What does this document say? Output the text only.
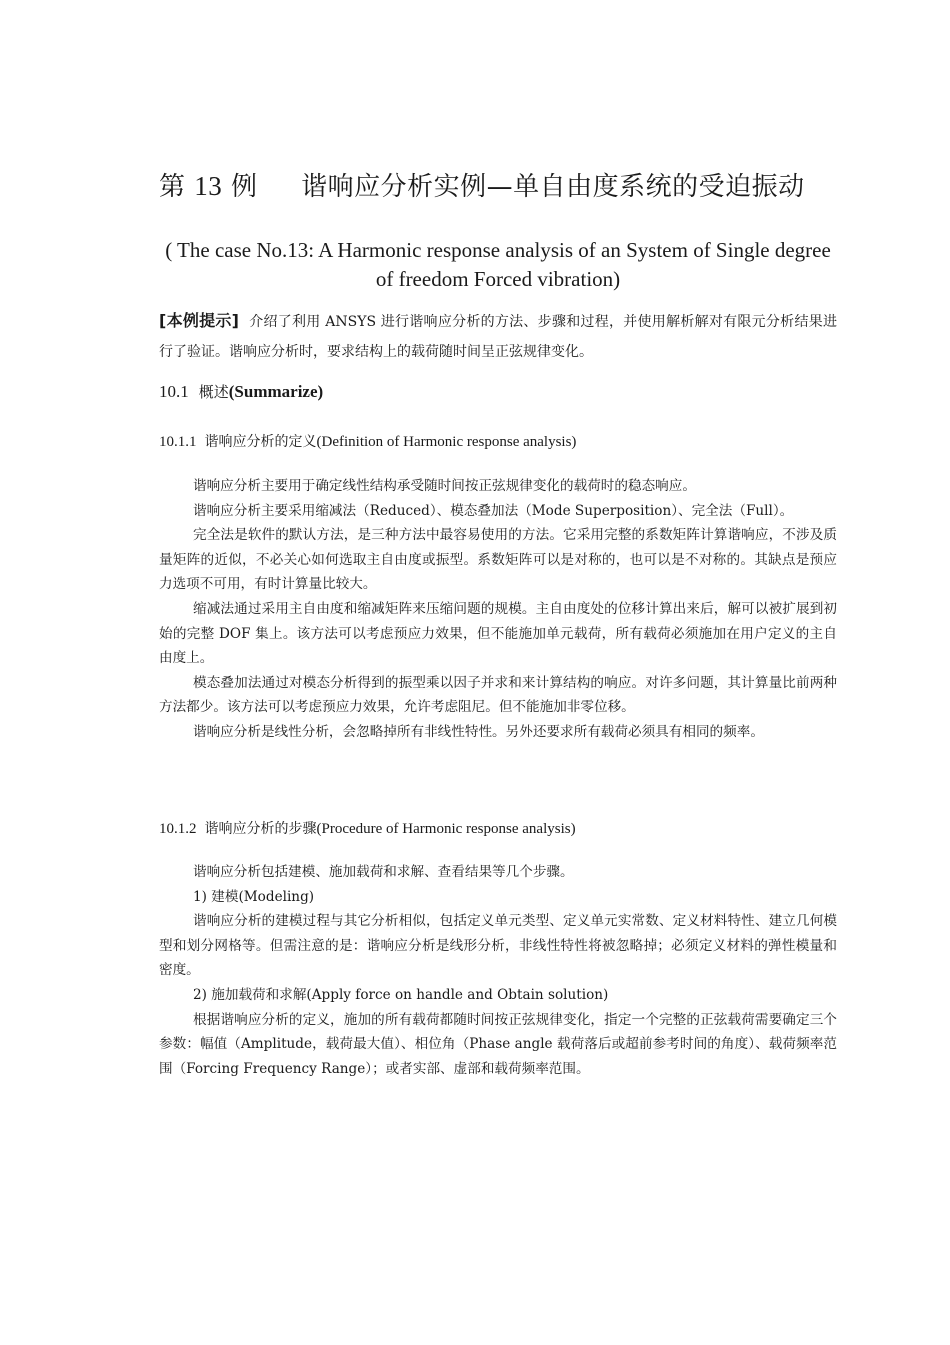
第 13 例 谐响应分析实例—单自由度系统的受迫振动
( The case No.13: A Harmonic response analysis of an System of Single degree of freedom Forced vibration)
[本例提示] 介绍了利用 ANSYS 进行谐响应分析的方法、步骤和过程，并使用解析解对有限元分析结果进行了验证。谐响应分析时，要求结构上的载荷随时间呈正弦规律变化。
10.1 概述(Summarize)
10.1.1 谐响应分析的定义(Definition of Harmonic response analysis)

谐响应分析主要用于确定线性结构承受随时间按正弦规律变化的载荷时的稳态响应。

谐响应分析主要采用缩减法（Reduced）、模态叠加法（Mode Superposition）、完全法（Full）。

完全法是软件的默认方法，是三种方法中最容易使用的方法。它采用完整的系数矩阵计算谐响应，不涉及质量矩阵的近似，不必关心如何选取主自由度或振型。系数矩阵可以是对称的，也可以是不对称的。其缺点是预应力选项不可用，有时计算量比较大。

缩减法通过采用主自由度和缩减矩阵来压缩问题的规模。主自由度处的位移计算出来后，解可以被扩展到初始的完整 DOF 集上。该方法可以考虑预应力效果，但不能施加单元载荷，所有载荷必须施加在用户定义的主自由度上。

模态叠加法通过对模态分析得到的振型乘以因子并求和来计算结构的响应。对许多问题，其计算量比前两种方法都少。该方法可以考虑预应力效果，允许考虑阻尼。但不能施加非零位移。

谐响应分析是线性分析，会忽略掉所有非线性特性。另外还要求所有载荷必须具有相同的频率。

10.1.2 谐响应分析的步骤(Procedure of Harmonic response analysis)

谐响应分析包括建模、施加载荷和求解、查看结果等几个步骤。

1) 建模(Modeling)

谐响应分析的建模过程与其它分析相似，包括定义单元类型、定义单元实常数、定义材料特性、建立几何模型和划分网格等。但需注意的是：谐响应分析是线形分析，非线性特性将被忽略掉；必须定义材料的弹性模量和密度。

2) 施加载荷和求解(Apply force on handle and Obtain solution)

根据谐响应分析的定义，施加的所有载荷都随时间按正弦规律变化，指定一个完整的正弦载荷需要确定三个参数：幅值（Amplitude，载荷最大值）、相位角（Phase angle 载荷落后或超前参考时间的角度）、载荷频率范围（Forcing Frequency Range）；或者实部、虚部和载荷频率范围。
